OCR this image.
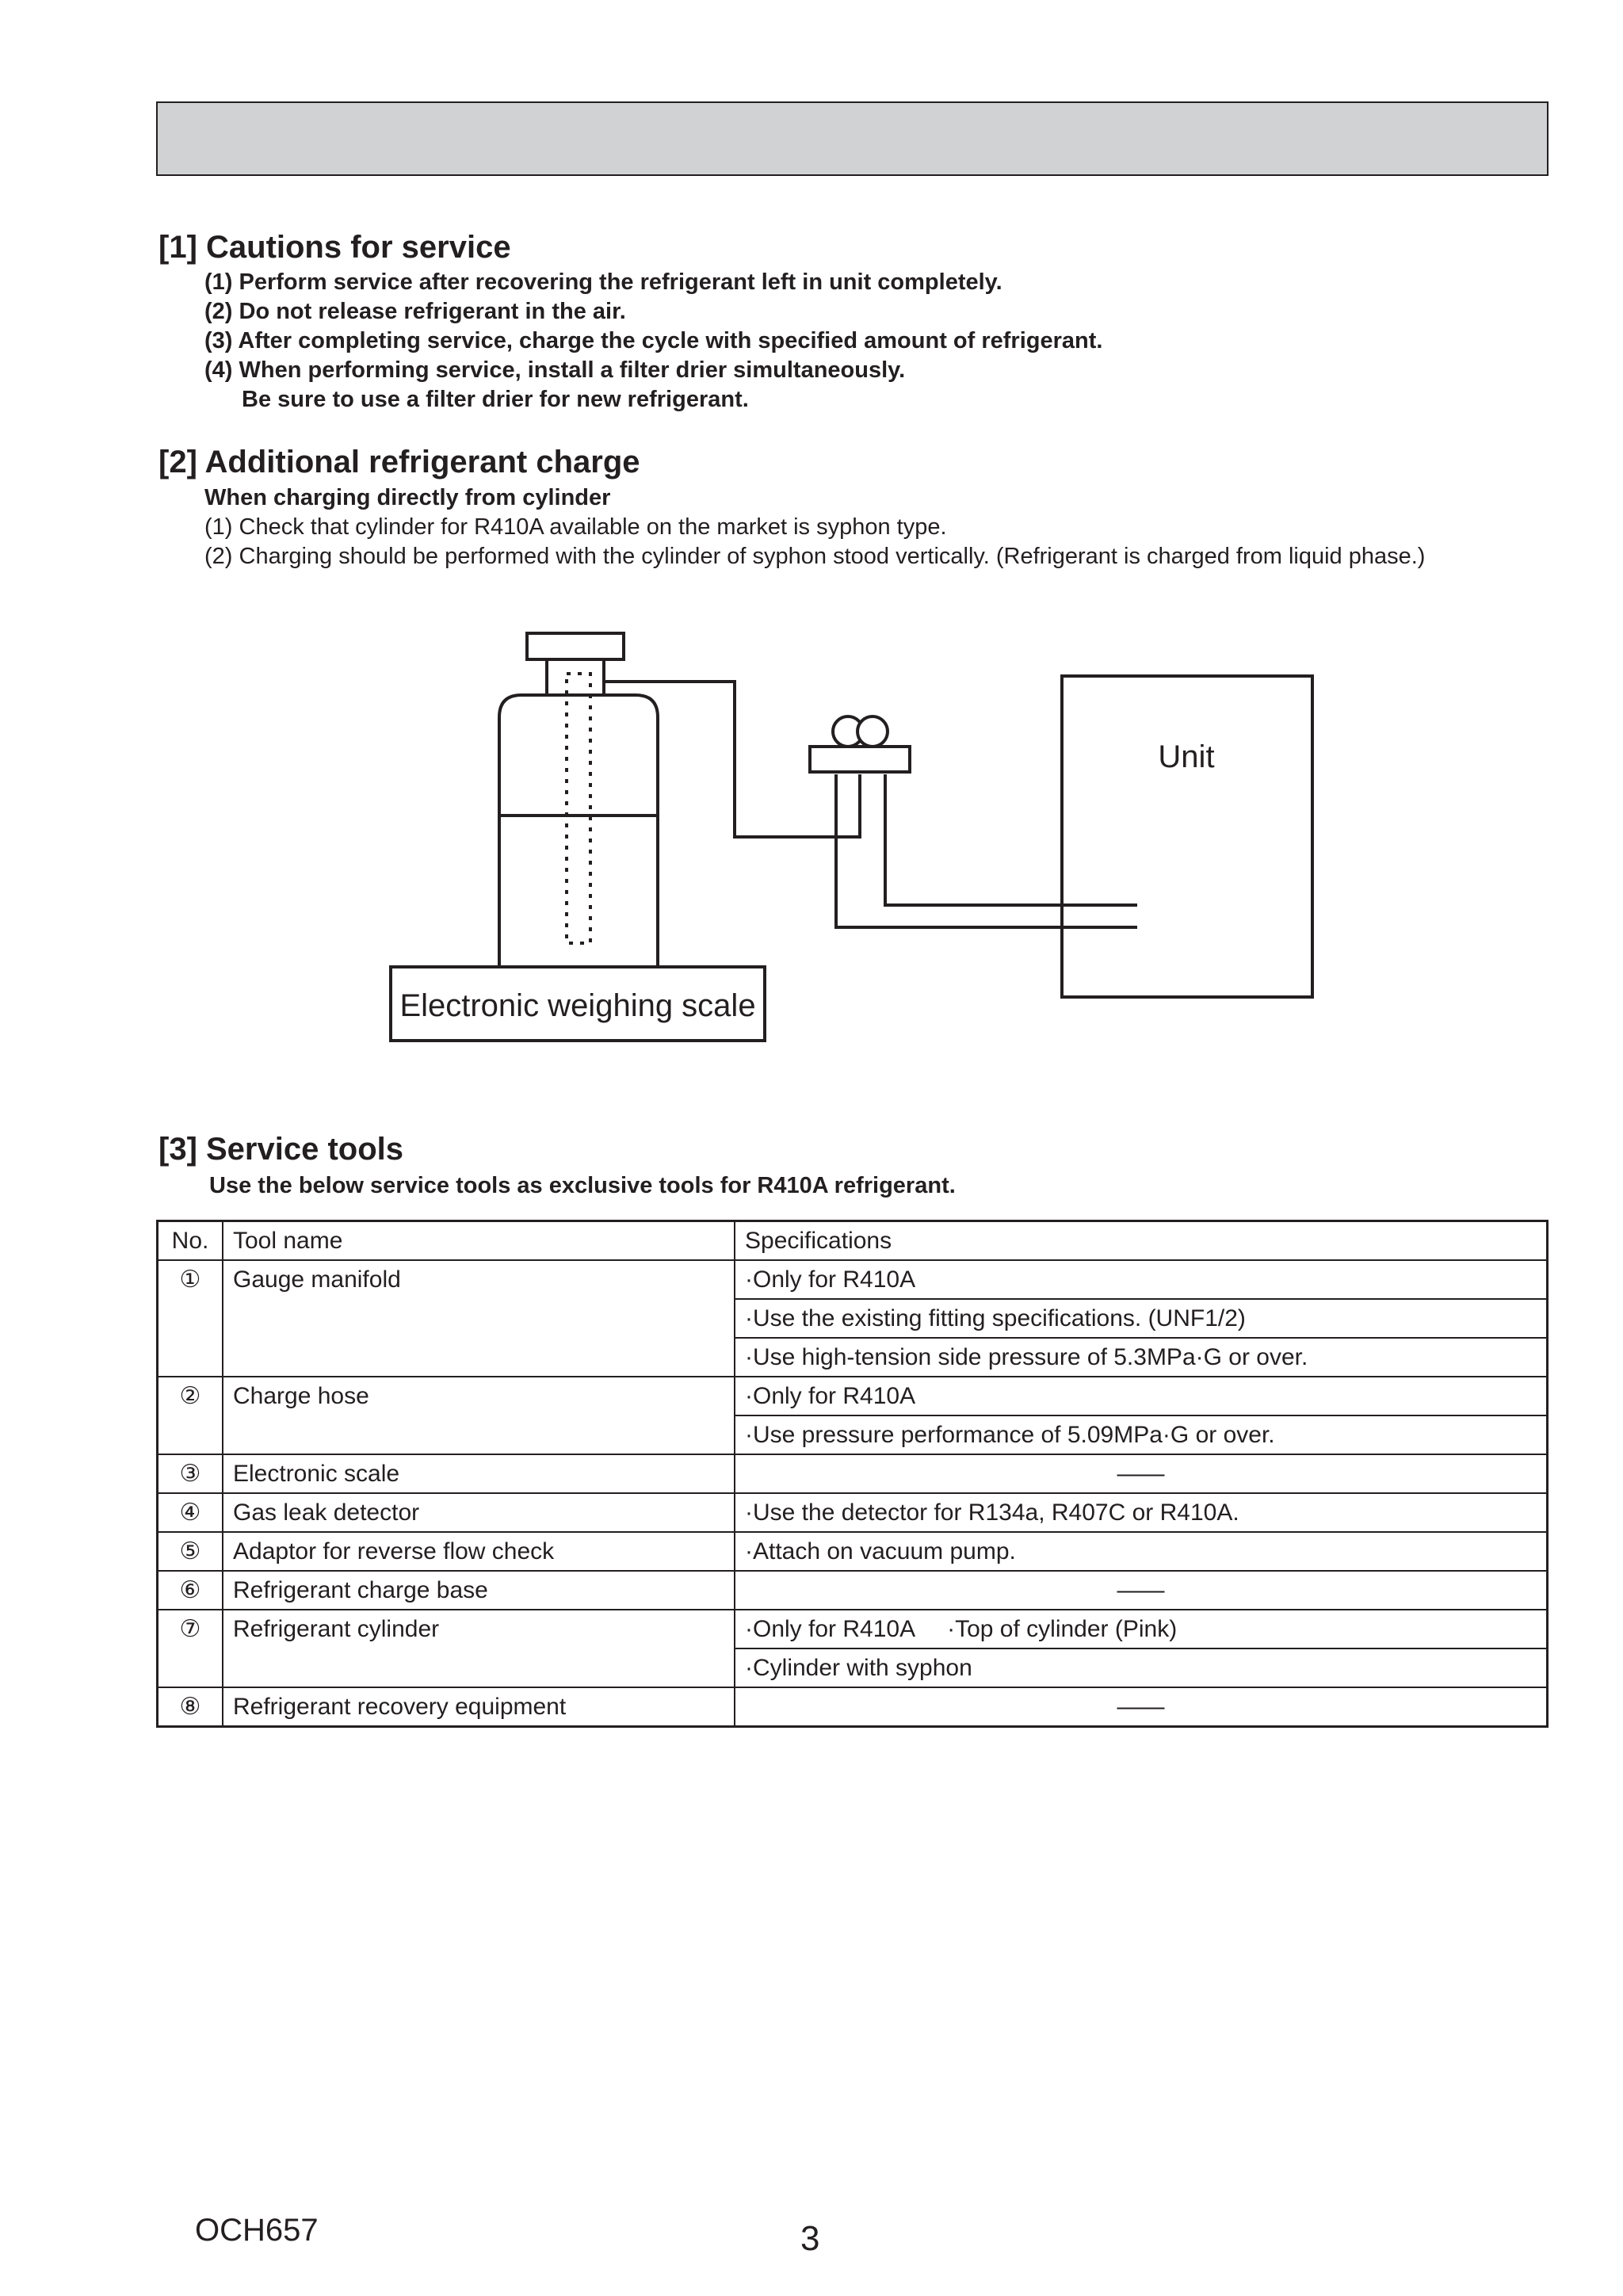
[1] Cautions for service
(1) Perform service after recovering the refrigerant left in unit completely.
(2) Do not release refrigerant in the air.
(3) After completing service, charge the cycle with specified amount of refrigerant.
(4) When performing service, install a filter drier simultaneously.
Be sure to use a filter drier for new refrigerant.
[2] Additional refrigerant charge
When charging directly from cylinder
(1) Check that cylinder for R410A available on the market is syphon type.
(2) Charging should be performed with the cylinder of syphon stood vertically. (Refrigerant is charged from liquid phase.)
Unit
Electronic weighing scale
[3] Service tools
Use the below service tools as exclusive tools for R410A refrigerant.
No.	Tool name	Specifications
①	Gauge manifold	·Only for R410A
		·Use the existing fitting specifications. (UNF1/2)
		·Use high-tension side pressure of 5.3MPa·G or over.
②	Charge hose	·Only for R410A
		·Use pressure performance of 5.09MPa·G or over.
③	Electronic scale	——
④	Gas leak detector	·Use the detector for R134a, R407C or R410A.
⑤	Adaptor for reverse flow check	·Attach on vacuum pump.
⑥	Refrigerant charge base	——
⑦	Refrigerant cylinder	·Only for R410A     ·Top of cylinder (Pink)
		·Cylinder with syphon
⑧	Refrigerant recovery equipment	——
OCH657	3
